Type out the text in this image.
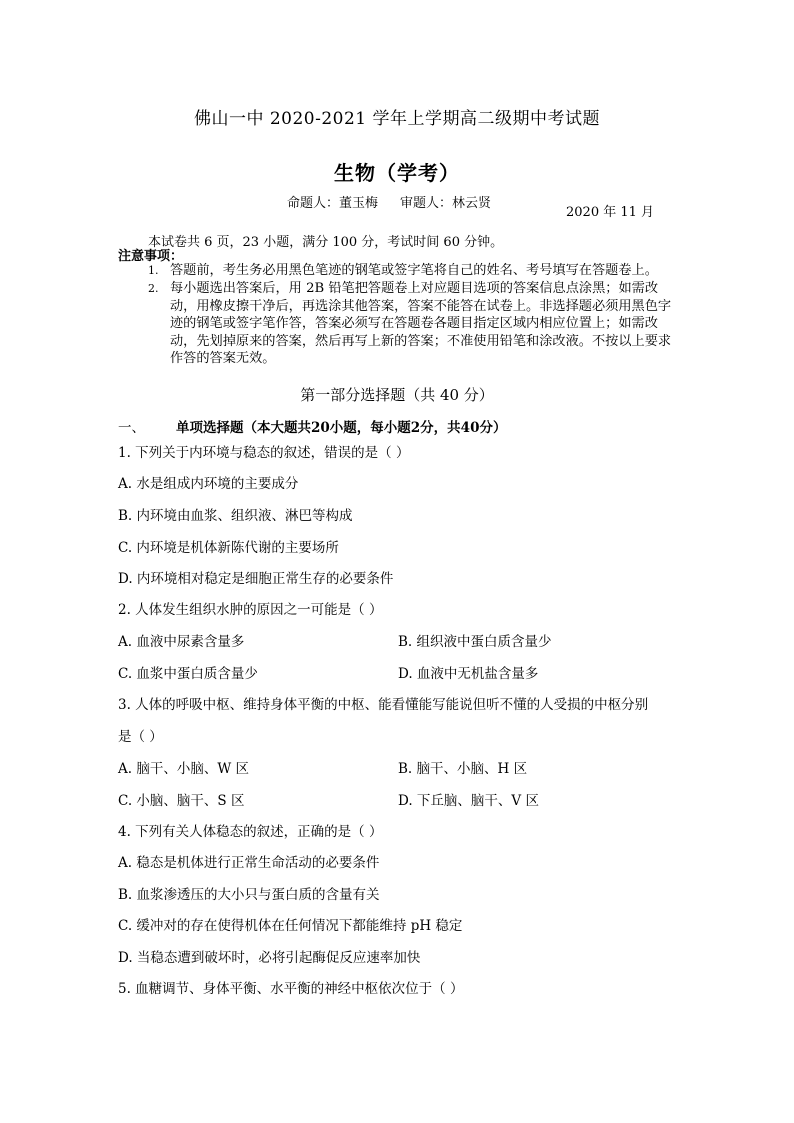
佛山一中 2020-2021 学年上学期高二级期中考试题
生物（学考）
命题人：董玉梅 审题人：林云贤
2020 年 11 月
本试卷共 6 页，23 小题，满分 100 分，考试时间 60 分钟。
注意事项：
1. 答题前，考生务必用黑色笔迹的钢笔或签字笔将自己的姓名、考号填写在答题卷上。
2. 每小题选出答案后，用 2B 铅笔把答题卷上对应题目选项的答案信息点涂黑；如需改动，用橡皮擦干净后，再选涂其他答案，答案不能答在试卷上。非选择题必须用黑色字迹的钢笔或签字笔作答，答案必须写在答题卷各题目指定区域内相应位置上；如需改动，先划掉原来的答案，然后再写上新的答案；不准使用铅笔和涂改液。不按以上要求作答的答案无效。
第一部分选择题（共 40 分）
一、 单项选择题（本大题共20小题，每小题2分，共40分）
1. 下列关于内环境与稳态的叙述，错误的是（ ）
A. 水是组成内环境的主要成分
B. 内环境由血浆、组织液、淋巴等构成
C. 内环境是机体新陈代谢的主要场所
D. 内环境相对稳定是细胞正常生存的必要条件
2. 人体发生组织水肿的原因之一可能是（ ）
A. 血液中尿素含量多	B. 组织液中蛋白质含量少
C. 血浆中蛋白质含量少	D. 血液中无机盐含量多
3. 人体的呼吸中枢、维持身体平衡的中枢、能看懂能写能说但听不懂的人受损的中枢分别
是（ ）
A. 脑干、小脑、W 区	B. 脑干、小脑、H 区
C. 小脑、脑干、S 区	D. 下丘脑、脑干、V 区
4. 下列有关人体稳态的叙述，正确的是（ ）
A. 稳态是机体进行正常生命活动的必要条件
B. 血浆渗透压的大小只与蛋白质的含量有关
C. 缓冲对的存在使得机体在任何情况下都能维持 pH 稳定
D. 当稳态遭到破坏时，必将引起酶促反应速率加快
5. 血糖调节、身体平衡、水平衡的神经中枢依次位于（ ）
